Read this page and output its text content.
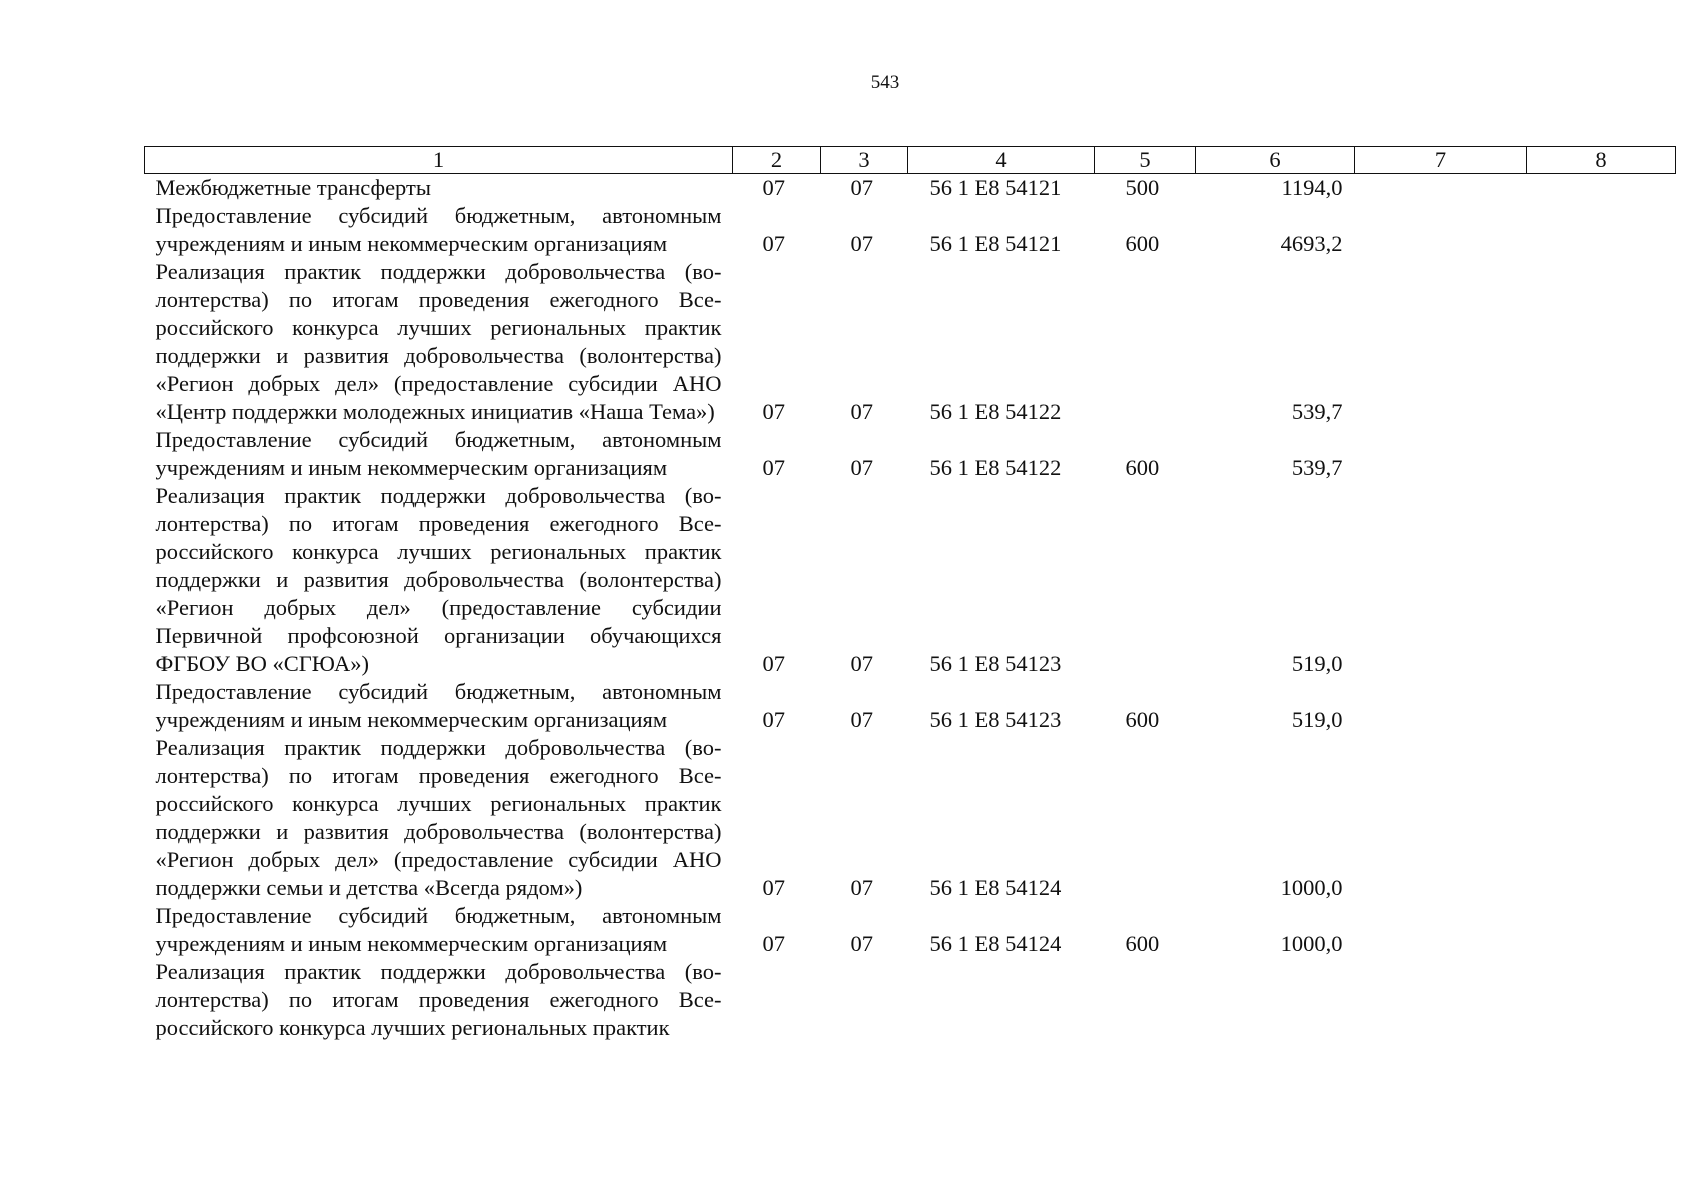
543
1	2	3	4	5	6	7	8
Межбюджетные трансферты	07	07	56 1 Е8 54121	500	1194,0		
Предоставление субсидий бюджетным, автономным учреждениям и иным некоммерческим организациям	07	07	56 1 Е8 54121	600	4693,2		
Реализация практик поддержки добровольчества (волонтерства) по итогам проведения ежегодного Всероссийского конкурса лучших региональных практик поддержки и развития добровольчества (волонтерства) «Регион добрых дел» (предоставление субсидии АНО «Центр поддержки молодежных инициатив «Наша Тема»)	07	07	56 1 Е8 54122		539,7		
Предоставление субсидий бюджетным, автономным учреждениям и иным некоммерческим организациям	07	07	56 1 Е8 54122	600	539,7		
Реализация практик поддержки добровольчества (волонтерства) по итогам проведения ежегодного Всероссийского конкурса лучших региональных практик поддержки и развития добровольчества (волонтерства) «Регион добрых дел» (предоставление субсидии Первичной профсоюзной организации обучающихся ФГБОУ ВО «СГЮА»)	07	07	56 1 Е8 54123		519,0		
Предоставление субсидий бюджетным, автономным учреждениям и иным некоммерческим организациям	07	07	56 1 Е8 54123	600	519,0		
Реализация практик поддержки добровольчества (волонтерства) по итогам проведения ежегодного Всероссийского конкурса лучших региональных практик поддержки и развития добровольчества (волонтерства) «Регион добрых дел» (предоставление субсидии АНО поддержки семьи и детства «Всегда рядом»)	07	07	56 1 Е8 54124		1000,0		
Предоставление субсидий бюджетным, автономным учреждениям и иным некоммерческим организациям	07	07	56 1 Е8 54124	600	1000,0		
Реализация практик поддержки добровольчества (волонтерства) по итогам проведения ежегодного Всероссийского конкурса лучших региональных практик							
